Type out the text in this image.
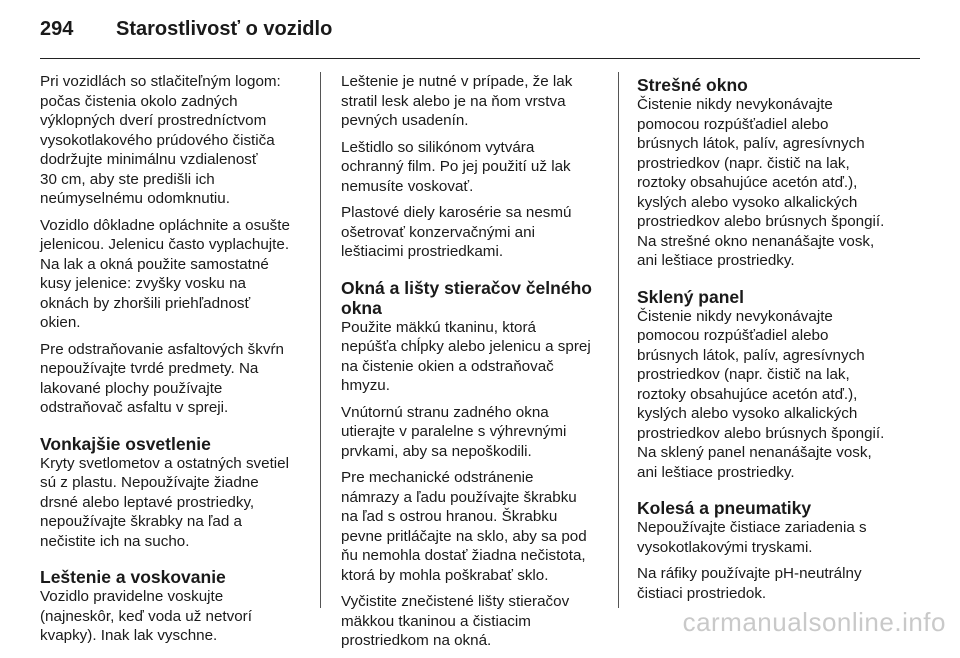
294	Starostlivosť o vozidlo

Pri vozidlách so stlačiteľným logom:
počas čistenia okolo zadných
výklopných dverí prostredníctvom
vysokotlakového prúdového čističa
dodržujte minimálnu vzdialenosť
30 cm, aby ste predišli ich
neúmyselnému odomknutiu.

Vozidlo dôkladne opláchnite a osušte
jelenicou. Jelenicu často vyplachujte.
Na lak a okná použite samostatné
kusy jelenice: zvyšky vosku na
oknách by zhoršili priehľadnosť
okien.

Pre odstraňovanie asfaltových škvŕn
nepoužívajte tvrdé predmety. Na
lakované plochy používajte
odstraňovač asfaltu v spreji.

Vonkajšie osvetlenie

Kryty svetlometov a ostatných svetiel
sú z plastu. Nepoužívajte žiadne
drsné alebo leptavé prostriedky,
nepoužívajte škrabky na ľad a
nečistite ich na sucho.

Leštenie a voskovanie

Vozidlo pravidelne voskujte
(najneskôr, keď voda už netvorí
kvapky). Inak lak vyschne.

Leštenie je nutné v prípade, že lak
stratil lesk alebo je na ňom vrstva
pevných usadenín.

Leštidlo so silikónom vytvára
ochranný film. Po jej použití už lak
nemusíte voskovať.

Plastové diely karosérie sa nesmú
ošetrovať konzervačnými ani
leštiacimi prostriedkami.

Okná a lišty stieračov čelného
okna

Použite mäkkú tkaninu, ktorá
nepúšťa chĺpky alebo jelenicu a sprej
na čistenie okien a odstraňovač
hmyzu.

Vnútornú stranu zadného okna
utierajte v paralelne s výhrevnými
prvkami, aby sa nepoškodili.

Pre mechanické odstránenie
námrazy a ľadu používajte škrabku
na ľad s ostrou hranou. Škrabku
pevne pritláčajte na sklo, aby sa pod
ňu nemohla dostať žiadna nečistota,
ktorá by mohla poškrabať sklo.

Vyčistite znečistené lišty stieračov
mäkkou tkaninou a čistiacim
prostriedkom na okná.

Strešné okno

Čistenie nikdy nevykonávajte
pomocou rozpúšťadiel alebo
brúsnych látok, palív, agresívnych
prostriedkov (napr. čistič na lak,
roztoky obsahujúce acetón atď.),
kyslých alebo vysoko alkalických
prostriedkov alebo brúsnych špongií.
Na strešné okno nenanášajte vosk,
ani leštiace prostriedky.

Sklený panel

Čistenie nikdy nevykonávajte
pomocou rozpúšťadiel alebo
brúsnych látok, palív, agresívnych
prostriedkov (napr. čistič na lak,
roztoky obsahujúce acetón atď.),
kyslých alebo vysoko alkalických
prostriedkov alebo brúsnych špongií.
Na sklený panel nenanášajte vosk,
ani leštiace prostriedky.

Kolesá a pneumatiky

Nepoužívajte čistiace zariadenia s
vysokotlakovými tryskami.

Na ráfiky používajte pH-neutrálny
čistiaci prostriedok.

carmanualsonline.info
